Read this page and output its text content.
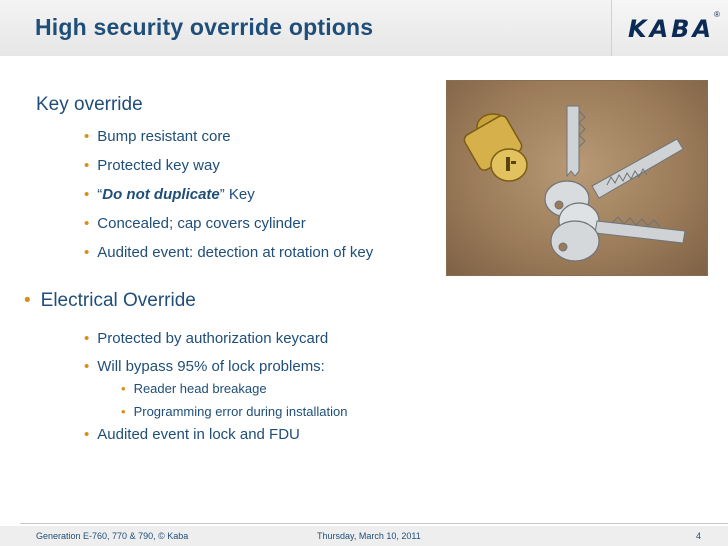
High security override options	KABA
®
Key override
• Bump resistant core
• Protected key way
• “Do not duplicate” Key
• Concealed; cap covers cylinder
• Audited event: detection at rotation of key
• Electrical Override
• Protected by authorization keycard
• Will bypass 95% of lock problems:
• Reader head breakage
• Programming error during installation
• Audited event in lock and FDU
Generation E-760, 770 & 790, © Kaba	Thursday, March 10, 2011	4
